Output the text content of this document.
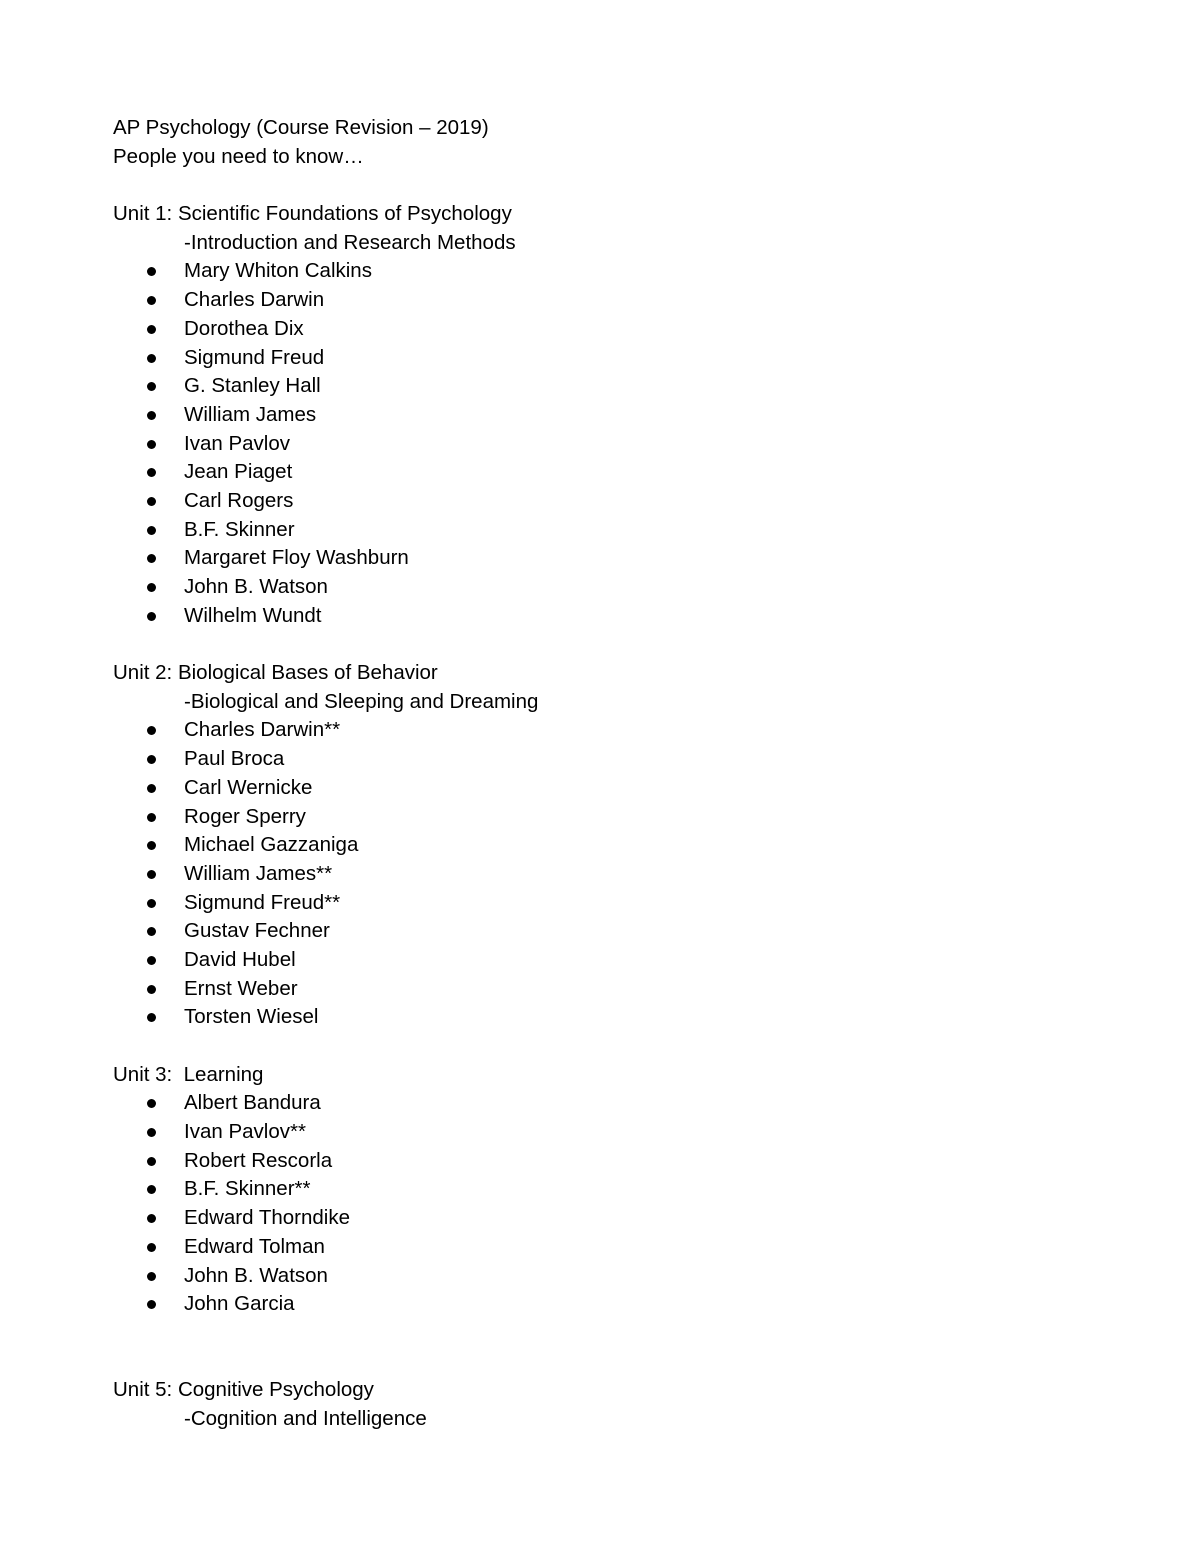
AP Psychology (Course Revision – 2019)
People you need to know…
Unit 1: Scientific Foundations of Psychology
-Introduction and Research Methods
Mary Whiton Calkins
Charles Darwin
Dorothea Dix
Sigmund Freud
G. Stanley Hall
William James
Ivan Pavlov
Jean Piaget
Carl Rogers
B.F. Skinner
Margaret Floy Washburn
John B. Watson
Wilhelm Wundt
Unit 2: Biological Bases of Behavior
-Biological and Sleeping and Dreaming
Charles Darwin**
Paul Broca
Carl Wernicke
Roger Sperry
Michael Gazzaniga
William James**
Sigmund Freud**
Gustav Fechner
David Hubel
Ernst Weber
Torsten Wiesel
Unit 3:  Learning
Albert Bandura
Ivan Pavlov**
Robert Rescorla
B.F. Skinner**
Edward Thorndike
Edward Tolman
John B. Watson
John Garcia
Unit 5: Cognitive Psychology
-Cognition and Intelligence
